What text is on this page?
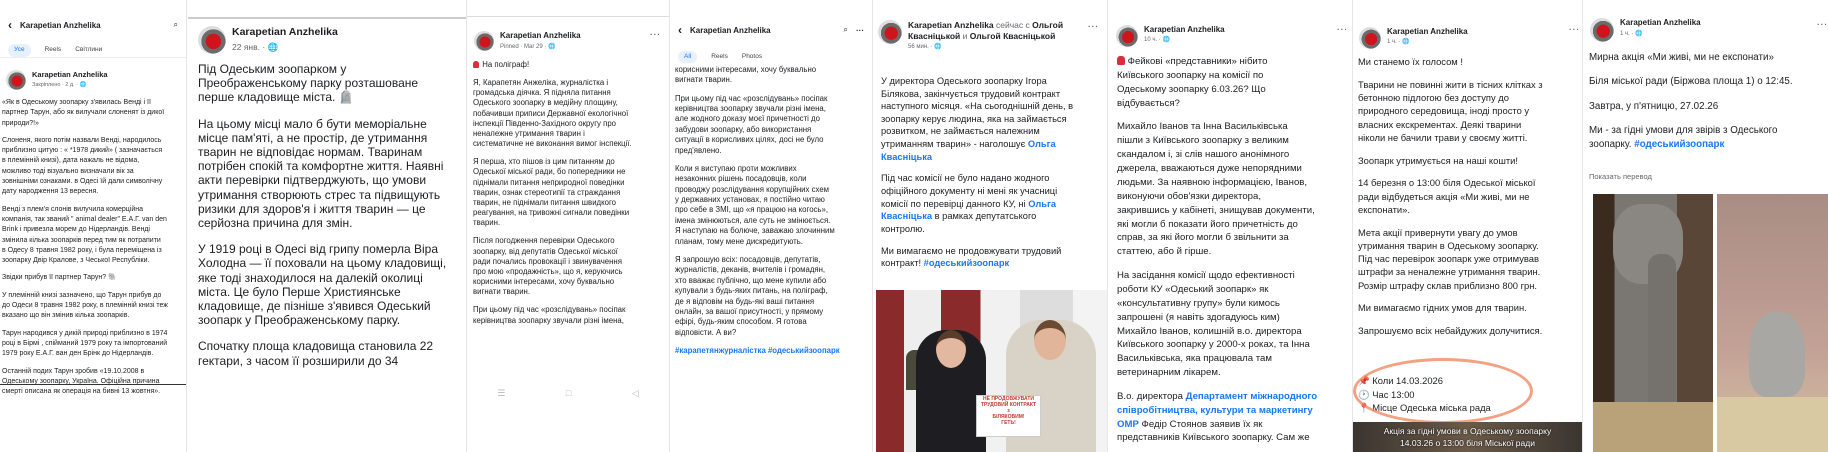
‹ Karapetian Anzhelika	⌕
Усе	Reels Світлини
Karapetian Anzhelika
Закріплено · 2 д. · 🌐

«Як в Одеському зоопарку з'явилась Венді і її
партнер Тарун, або як вилучали слоненят із дикої
природи?!»

Слоненя, якого потім назвали Венді, народилось
приблизно цитую : « *1978 дикий» ( зазначається
в племінній книзі), дата нажаль не відома,
можливо тоді візуально визначали вік за
зовнішніми ознаками. в Одесі їй дали символічну
дату народження 13 вересня.

Венді з плем'я слонів вилучила комерційна
компанія, так званий " animal dealer" Е.А.Г. van den
Brink і привезла морем до Нідерландів. Венді
змінила кілька зоопарків перед тим як потрапити
в Одесу 8 травня 1982 року, і була переміщена із
зоопарку Двір Кралове, з Чеської Республіки.

Звідки прибув її партнер Тарун? 🐘

У племінній книзі зазначено, що Тарун прибув до
до Одеси 8 травня 1982 року, в племінній книзі теж
вказано що він змінив кілька зоопарків.

Тарун народився у дикій природі приблизно в 1974
році в Бірмі , спійманий 1979 року та імпортований
1979 року Е.А.Г. ван ден Брінк до Нідерландів.

Останній подих Тарун зробив «19.10.2008 в
Одеському зоопарку, Україна. Офіційна причина
смерті описана як операція на бивні 13 жовтня».

Karapetian Anzhelika
22 янв. · 🌐

Під Одеським зоопарком у
Преображенському парку розташоване
перше кладовище міста. 🪦

На цьому місці мало б бути меморіальне
місце пам'яті, а не простір, де утримання
тварин не відповідає нормам. Тваринам
потрібен спокій та комфортне життя. Наявні
акти перевірки підтверджують, що умови
утримання створюють стрес та підвищують
ризики для здоров'я і життя тварин — це
серйозна причина для змін.

У 1919 році в Одесі від грипу померла Віра
Холодна — її поховали на цьому кладовищі,
яке тоді знаходилося на далекій околиці
міста. Це було Перше Християнське
кладовище, де пізніше з'явився Одеський
зоопарк у Преображенському парку.

Спочатку площа кладовища становила 22
гектари, з часом її розширили до 34

Karapetian Anzhelika
Pinned · Mar 29 · 🌐
···

На поліграф!

Я, Карапетян Анжеліка, журналістка і
громадська діячка. Я підняла питання
Одеського зоопарку в медійну площину,
побачивши приписи Державної екологічної
інспекції Південно-Західного округу про
неналежне утримання тварин і
систематичне не виконання вимог інспекції.

Я перша, хто пішов із цим питанням до
Одеської міської ради, бо попередники не
піднімали питання неприродної поведінки
тварин, ознак стереотипії та страждання
тварин, не піднімали питання швидкого
реагування, на тривожні сигнали поведінки
тварин.

Після погодження перевірки Одеського
зоопарку, від депутатів Одеської міської
ради почались провокації і звинувачення
про мою «продажність», що я, керуючись
корисними інтересами, хочу буквально
вигнати тварин.

При цьому під час «розслідувань» посіпак
керівництва зоопарку звучали різні імена,

☰	□	◁
‹ Karapetian Anzhelika	⌕ ···
All	Reels Photos

корисними інтересами, хочу буквально
вигнати тварин.

При цьому під час «розслідувань» посіпак
керівництва зоопарку звучали різні імена,
але жодного доказу моєї причетності до
забудови зоопарку, або використання
ситуації в корисливих цілях, досі не було
пред'явлено.

Коли я виступаю проти можливих
незаконних рішень посадовців, коли
проводжу розслідування корупційних схем
у державних установах, я постійно читаю
про себе в ЗМІ, що «я працюю на когось»,
імена змінюються, але суть не змінюється.
Я наступаю на болюче, заважаю злочинним
планам, тому мене дискредитують.

Я запрошую всіх: посадовців, депутатів,
журналістів, деканів, вчителів і громадян,
хто вважає публічно, що мене купили або
купували з будь-яких питань, на поліграф,
де я відповім на будь-які ваші питання
онлайн, за вашої присутності, у прямому
ефірі, будь-яким способом. Я готова
відповісти. А ви?

#карапетянжурналістка #одеськийзоопарк

Karapetian Anzhelika сейчас с Ольгой Квасніцькой и Ольгой Квасніцькой
56 мин. · 🌐
···

У директора Одеського зоопарку Ігора
Білякова, закінчується трудовий контракт
наступного місяця. «На сьогоднішній день, в
зоопарку керує людина, яка на займається
розвитком, не займається належним
утриманням тварин» - наголошує Ольга
Квасніцька

Під час комісії не було надано жодного
офіційного документу ні мені як учасниці
комісії по перевірці данного КУ, ні Ольга
Квасніцька в рамках депутатського
контролю.

Ми вимагаємо не продовжувати трудовий
контракт! #одеськийзоопарк

НЕ ПРОДОВЖУВАТИ
ТРУДОВИЙ КОНТРАКТ
з
БІЛЯКОВИМ!
ГЕТЬ!
Karapetian Anzhelika
10 ч. · 🌐
···

Фейкові «представники» нібито
Київського зоопарку на комісії по
Одеському зоопарку 6.03.26? Що
відбувається?

Михайло Іванов та Інна Васильківська
пішли з Київського зоопарку з великим
скандалом і, зі слів нашого анонімного
джерела, вважаються дуже непорядними
людьми. За наявною інформацією, Іванов,
виконуючи обов'язки директора,
закрившись у кабінеті, знищував документи,
які могли б показати його причетність до
справ, за які його могли б звільнити за
статтею, або й гірше.

На засідання комісії щодо ефективності
роботи КУ «Одеський зоопарк» як
«консультативну групу» були кимось
запрошені (я навіть здогадуюсь ким)
Михайло Іванов, колишній в.о. директора
Київського зоопарку у 2000-х роках, та Інна
Васильківська, яка працювала там
ветеринарним лікарем.

В.о. директора Департамент міжнародного
співробітництва, культури та маркетингу
ОМР Федір Стоянов заявив їх як
представників Київського зоопарку. Сам же

Karapetian Anzhelika
1 ч. · 🌐
···

Ми станемо їх голосом !

Тварини не повинні жити в тісних клітках з
бетонною підлогою без доступу до
природного середовища, іноді просто у
власних екскрементах. Деякі тварини
ніколи не бачили трави у своєму житті.

Зоопарк утримується на наші кошти!

14 березня о 13:00 біля Одеської міської
ради відбудеться акція «Ми живі, ми не
експонати».

Мета акції привернути увагу до умов
утримання тварин в Одеському зоопарку.
Під час перевірок зоопарк уже отримував
штрафи за неналежне утримання тварин.
Розмір штрафу склав приблизно 800 грн.

Ми вимагаємо гідних умов для тварин.

Запрошуємо всіх небайдужих долучитися.

📌 Коли 14.03.2026
🕐 Час 13:00
📍 Місце Одеська міська рада
Акція за гідні умови в Одеському зоопарку
14.03.26 о 13:00 біля Міської ради
Karapetian Anzhelika
1 ч. · 🌐
···

Мирна акція «Ми живі, ми не експонати»

Біля міської ради (Біржова площа 1) о 12:45.

Завтра, у п'ятницю, 27.02.26

Ми - за гідні умови для звірів з Одеського
зоопарку. #одеськийзоопарк

Показать перевод
